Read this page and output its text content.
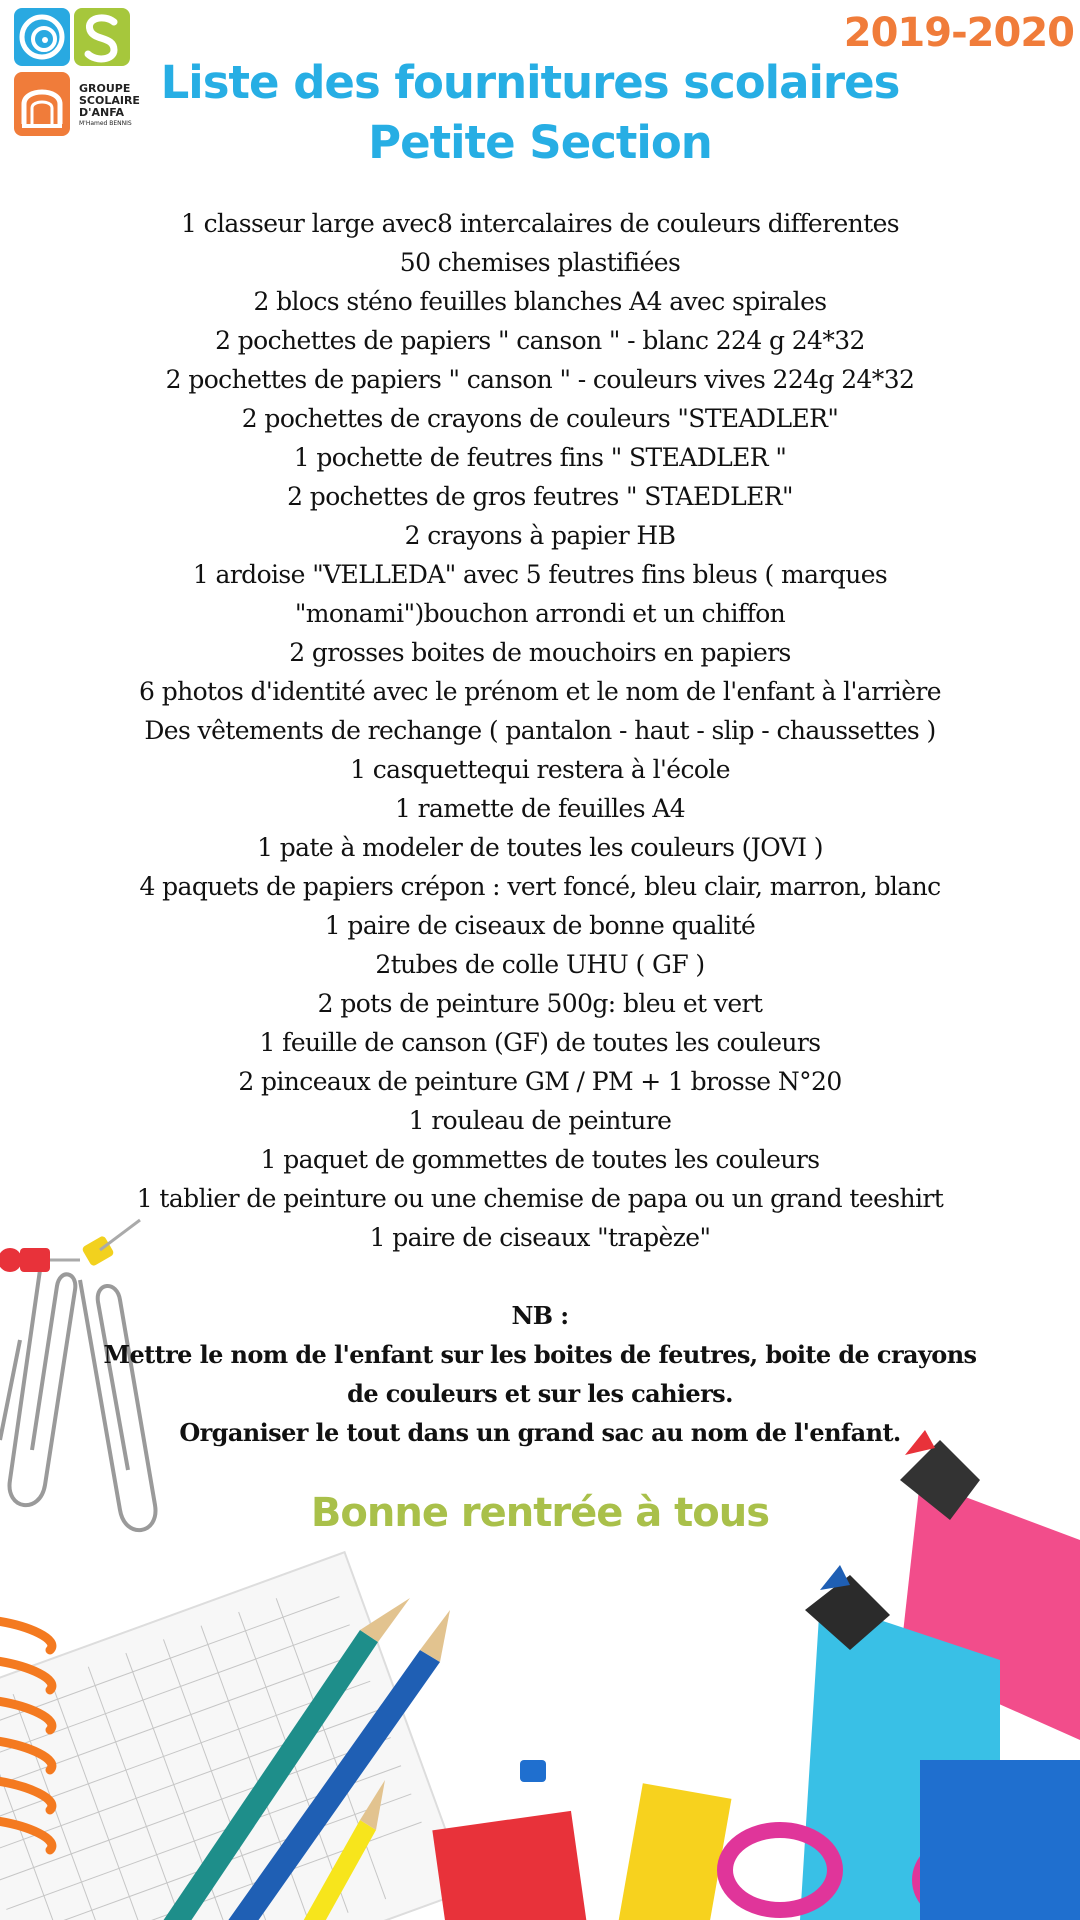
GROUPE
SCOLAIRE
D'ANFA
M'Hamed BENNIS
2019-2020
Liste des fournitures scolaires
Petite Section
1 classeur large avec8 intercalaires de couleurs differentes
50 chemises plastifiées
2 blocs sténo feuilles blanches A4 avec spirales
2 pochettes de papiers " canson " - blanc 224 g 24*32
2 pochettes de papiers " canson " - couleurs vives 224g 24*32
2 pochettes de crayons de couleurs "STEADLER"
1 pochette de feutres fins " STEADLER "
2 pochettes de gros feutres " STAEDLER"
2 crayons à papier HB
1 ardoise "VELLEDA" avec 5 feutres fins bleus ( marques
"monami")bouchon arrondi et un chiffon
2 grosses boites de mouchoirs en papiers
6 photos d'identité avec le prénom et le nom de l'enfant à l'arrière
Des vêtements de rechange ( pantalon - haut - slip - chaussettes )
1 casquettequi restera à l'école
1 ramette de feuilles A4
1 pate à modeler de toutes les couleurs (JOVI )
4 paquets de papiers crépon : vert foncé, bleu clair, marron, blanc
1 paire de ciseaux de bonne qualité
2tubes de colle UHU ( GF )
2 pots de peinture 500g: bleu et vert
1 feuille de canson (GF) de toutes les couleurs
2 pinceaux de peinture GM / PM + 1 brosse N°20
1 rouleau de peinture
1 paquet de gommettes de toutes les couleurs
1 tablier de peinture ou une chemise de papa ou un grand teeshirt
1 paire de ciseaux "trapèze"
NB :
Mettre le nom de l'enfant sur les boites de feutres, boite de crayons
de couleurs et sur les cahiers.
Organiser le tout dans un grand sac au nom de l'enfant.
Bonne rentrée à tous
